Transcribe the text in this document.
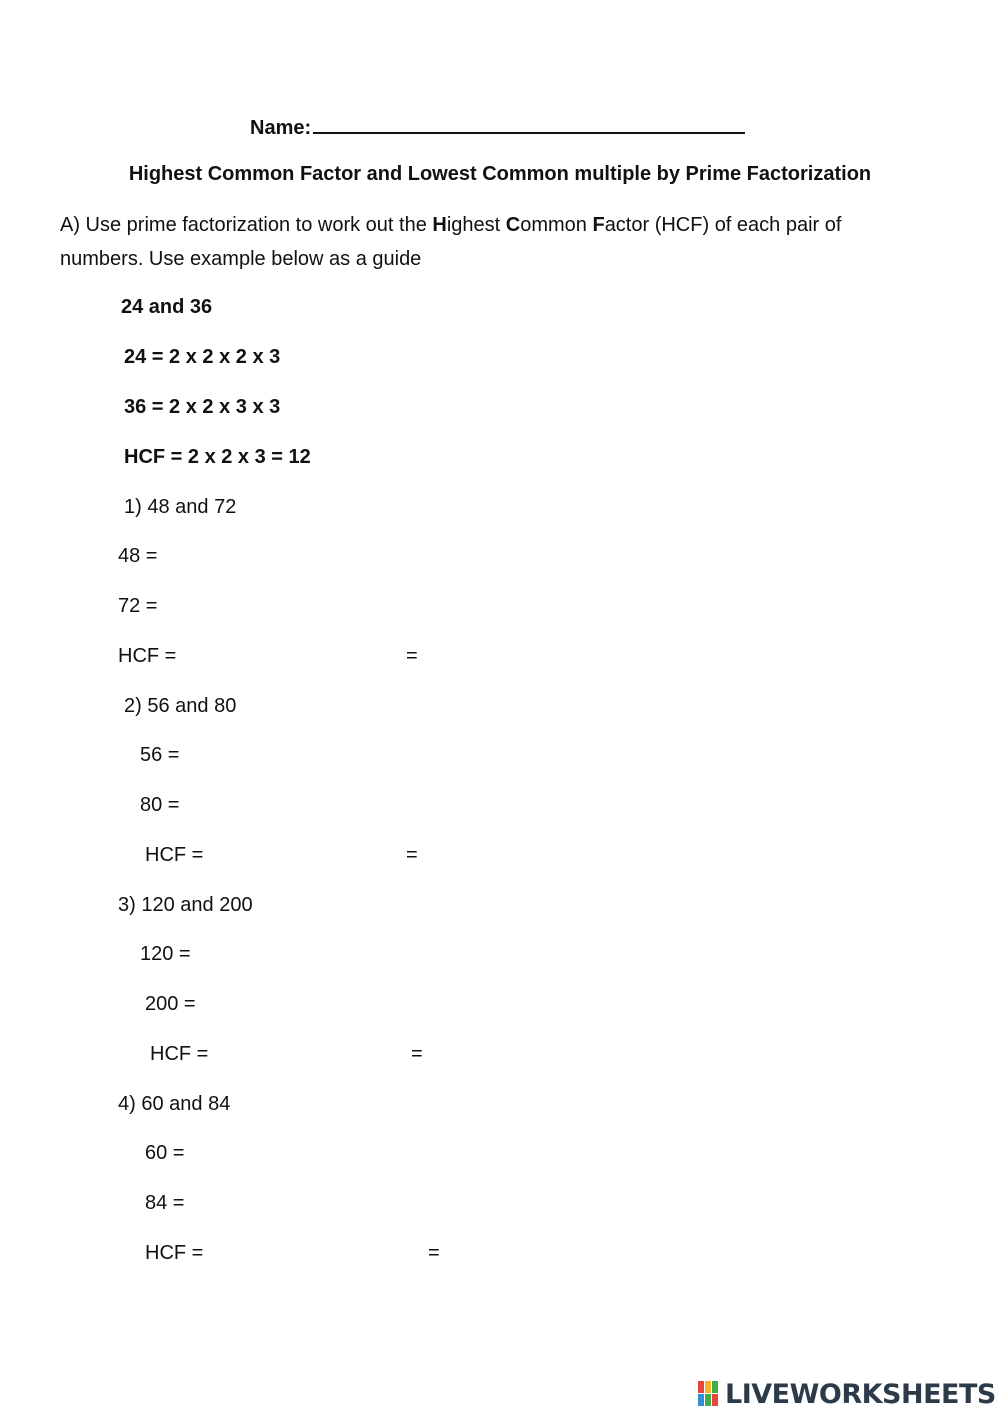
Name:
Highest Common Factor and Lowest Common multiple by Prime Factorization
A) Use prime factorization to work out the Highest Common Factor (HCF) of each pair of numbers. Use example below as a guide
24 and 36
24 = 2 x 2 x 2 x 3
36 = 2 x 2 x 3 x 3
HCF = 2 x 2 x 3 = 12
1) 48 and 72
48 =
72 =
HCF =	=
2) 56 and 80
56 =
80 =
HCF =	=
3) 120 and 200
120 =
200 =
HCF =	=
4) 60 and 84
60 =
84 =
HCF =	=
LIVEWORKSHEETS
